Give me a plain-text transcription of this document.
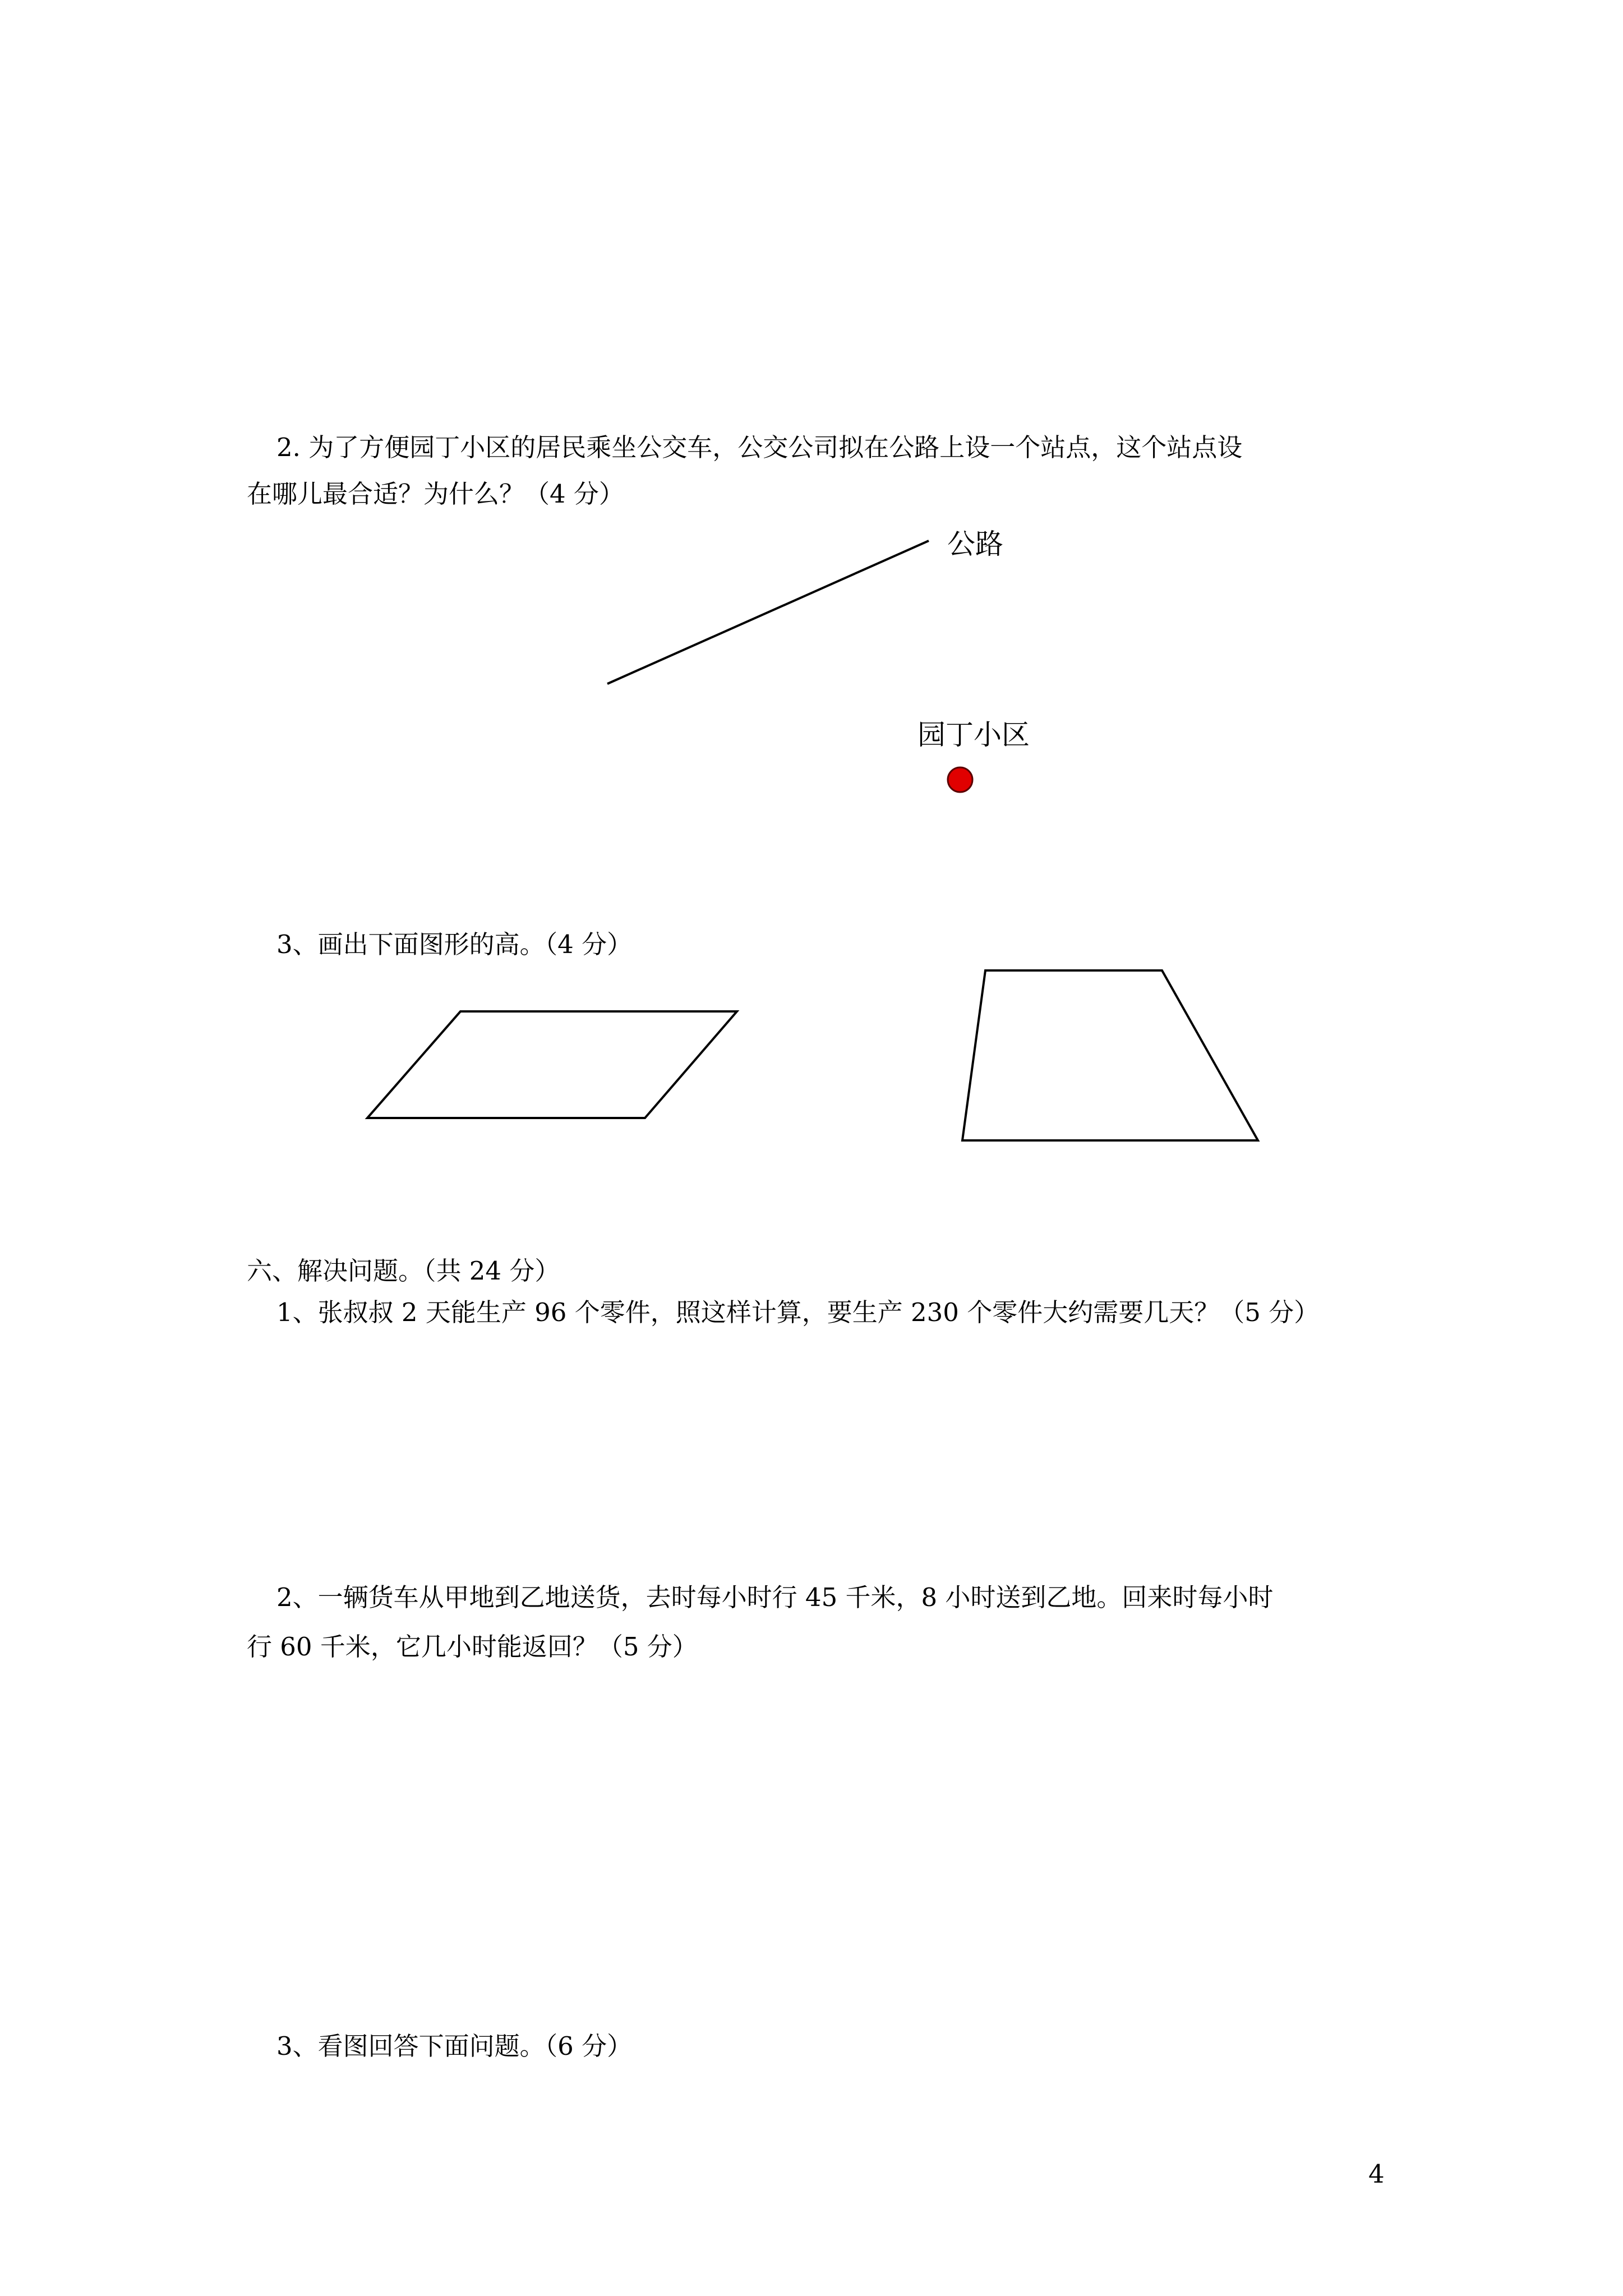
2. 为了方便园丁小区的居民乘坐公交车，公交公司拟在公路上设一个站点，这个站点设
在哪儿最合适？为什么？（4 分）
公路
园丁小区
3、画出下面图形的高。（4 分）
六、解决问题。（共 24 分）
1、张叔叔 2 天能生产 96 个零件，照这样计算，要生产 230 个零件大约需要几天？（5 分）
2、一辆货车从甲地到乙地送货，去时每小时行 45 千米，8 小时送到乙地。回来时每小时
行 60 千米，它几小时能返回？（5 分）
3、看图回答下面问题。（6 分）
4
